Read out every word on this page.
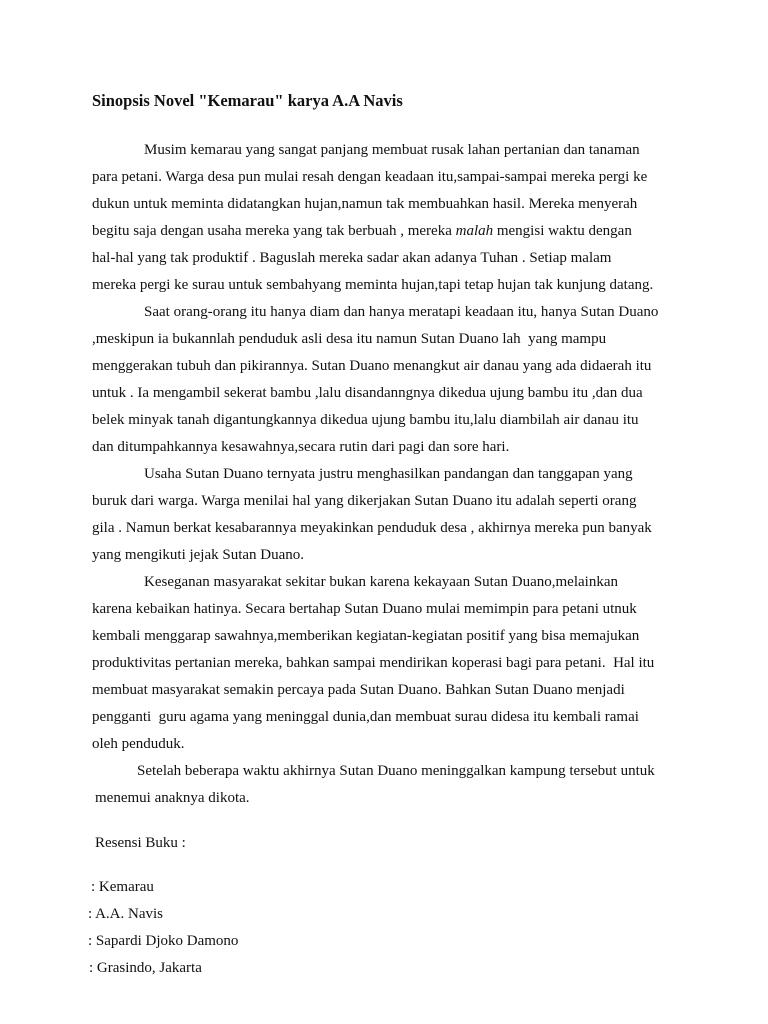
Sinopsis Novel "Kemarau" karya A.A Navis
Musim kemarau yang sangat panjang membuat rusak lahan pertanian dan tanaman
para petani. Warga desa pun mulai resah dengan keadaan itu,sampai-sampai mereka pergi ke
dukun untuk meminta didatangkan hujan,namun tak membuahkan hasil. Mereka menyerah
begitu saja dengan usaha mereka yang tak berbuah , mereka malah mengisi waktu dengan
hal-hal yang tak produktif . Baguslah mereka sadar akan adanya Tuhan . Setiap malam
mereka pergi ke surau untuk sembahyang meminta hujan,tapi tetap hujan tak kunjung datang.
Saat orang-orang itu hanya diam dan hanya meratapi keadaan itu, hanya Sutan Duano
,meskipun ia bukannlah penduduk asli desa itu namun Sutan Duano lah  yang mampu
menggerakan tubuh dan pikirannya. Sutan Duano menangkut air danau yang ada didaerah itu
untuk . Ia mengambil sekerat bambu ,lalu disandanngnya dikedua ujung bambu itu ,dan dua
belek minyak tanah digantungkannya dikedua ujung bambu itu,lalu diambilah air danau itu
dan ditumpahkannya kesawahnya,secara rutin dari pagi dan sore hari.
Usaha Sutan Duano ternyata justru menghasilkan pandangan dan tanggapan yang
buruk dari warga. Warga menilai hal yang dikerjakan Sutan Duano itu adalah seperti orang
gila . Namun berkat kesabarannya meyakinkan penduduk desa , akhirnya mereka pun banyak
yang mengikuti jejak Sutan Duano.
Keseganan masyarakat sekitar bukan karena kekayaan Sutan Duano,melainkan
karena kebaikan hatinya. Secara bertahap Sutan Duano mulai memimpin para petani utnuk
kembali menggarap sawahnya,memberikan kegiatan-kegiatan positif yang bisa memajukan
produktivitas pertanian mereka, bahkan sampai mendirikan koperasi bagi para petani.  Hal itu
membuat masyarakat semakin percaya pada Sutan Duano. Bahkan Sutan Duano menjadi
pengganti  guru agama yang meninggal dunia,dan membuat surau didesa itu kembali ramai
oleh penduduk.
Setelah beberapa waktu akhirnya Sutan Duano meninggalkan kampung tersebut untuk
menemui anaknya dikota.
Resensi Buku :
: Kemarau
: A.A. Navis
: Sapardi Djoko Damono
: Grasindo, Jakarta
